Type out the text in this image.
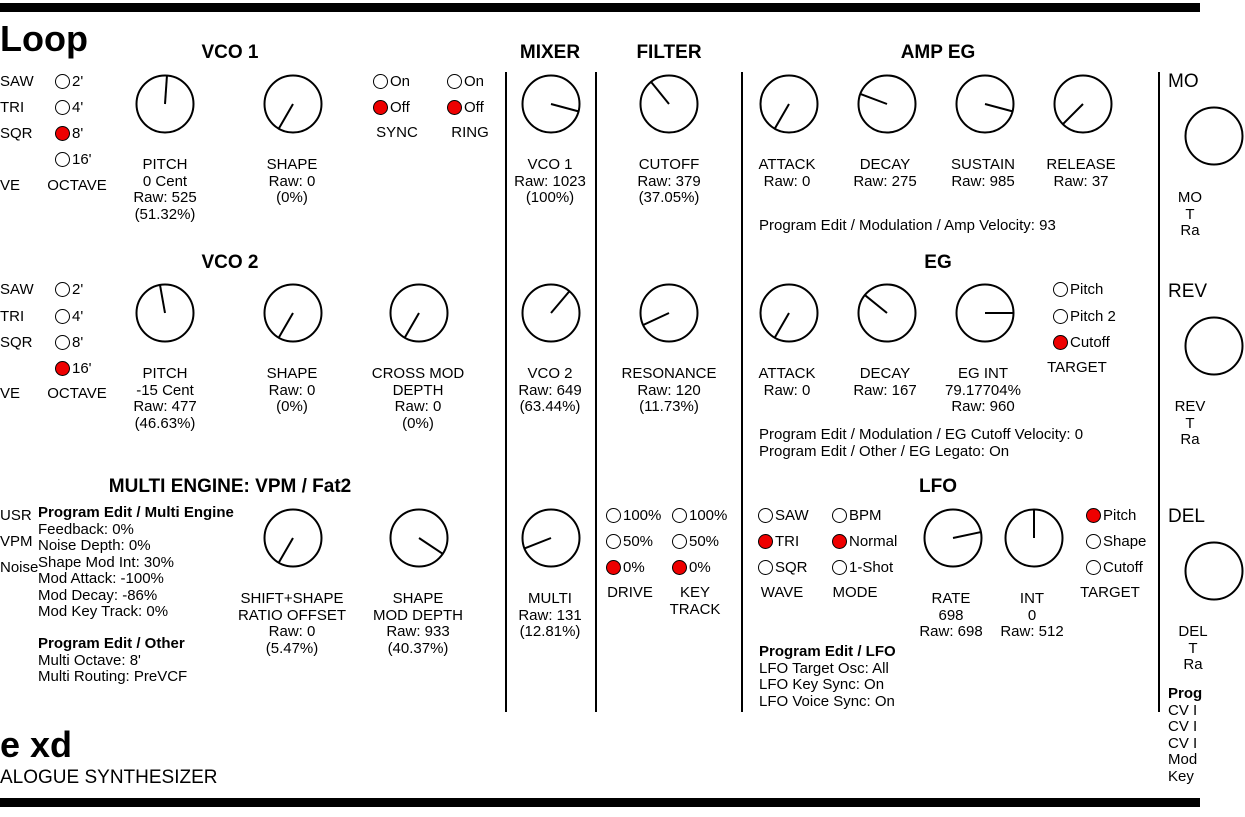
Loop
e xd
ALOGUE SYNTHESIZER
VCO 1
VCO 2
MIXER	FILTER	AMP EG
EG
LFO
MULTI ENGINE: VPM / Fat2
SAW
TRI
SQR
VE
2'
4'
8'
16'
OCTAVE
PITCH
0 Cent
Raw: 525
(51.32%)
SHAPE
Raw: 0
(0%)
On
Off
SYNC
On
Off
RING
SAW
TRI
SQR
VE
2'
4'
8'
16'
OCTAVE
PITCH
-15 Cent
Raw: 477
(46.63%)
SHAPE
Raw: 0
(0%)
CROSS MOD
DEPTH
Raw: 0
(0%)
USR
VPM
Noise
Program Edit / Multi Engine
Feedback: 0%
Noise Depth: 0%
Shape Mod Int: 30%
Mod Attack: -100%
Mod Decay: -86%
Mod Key Track: 0%
Program Edit / Other
Multi Octave: 8'
Multi Routing: PreVCF
SHIFT+SHAPE
RATIO OFFSET
Raw: 0
(5.47%)
SHAPE
MOD DEPTH
Raw: 933
(40.37%)
VCO 1
Raw: 1023
(100%)
VCO 2
Raw: 649
(63.44%)
MULTI
Raw: 131
(12.81%)
CUTOFF
Raw: 379
(37.05%)
RESONANCE
Raw: 120
(11.73%)
100%
50%
0%
DRIVE
100%
50%
0%
KEY
TRACK
ATTACK
Raw: 0
DECAY
Raw: 275
SUSTAIN
Raw: 985
RELEASE
Raw: 37
Program Edit / Modulation / Amp Velocity: 93
ATTACK
Raw: 0
DECAY
Raw: 167
EG INT
79.17704%
Raw: 960
Pitch
Pitch 2
Cutoff
TARGET
Program Edit / Modulation / EG Cutoff Velocity: 0
Program Edit / Other / EG Legato: On
SAW
TRI
SQR
WAVE
BPM
Normal
1-Shot
MODE	RATE
698
Raw: 698
INT
0
Raw: 512
Pitch
Shape
Cutoff
TARGET
Program Edit / LFO
LFO Target Osc: All
LFO Key Sync: On
LFO Voice Sync: On
MO
MO
T
Ra
REV
REV
T
Ra
DEL
DEL
T
Ra
Prog
CV I
CV I
CV I
Mod
Key
